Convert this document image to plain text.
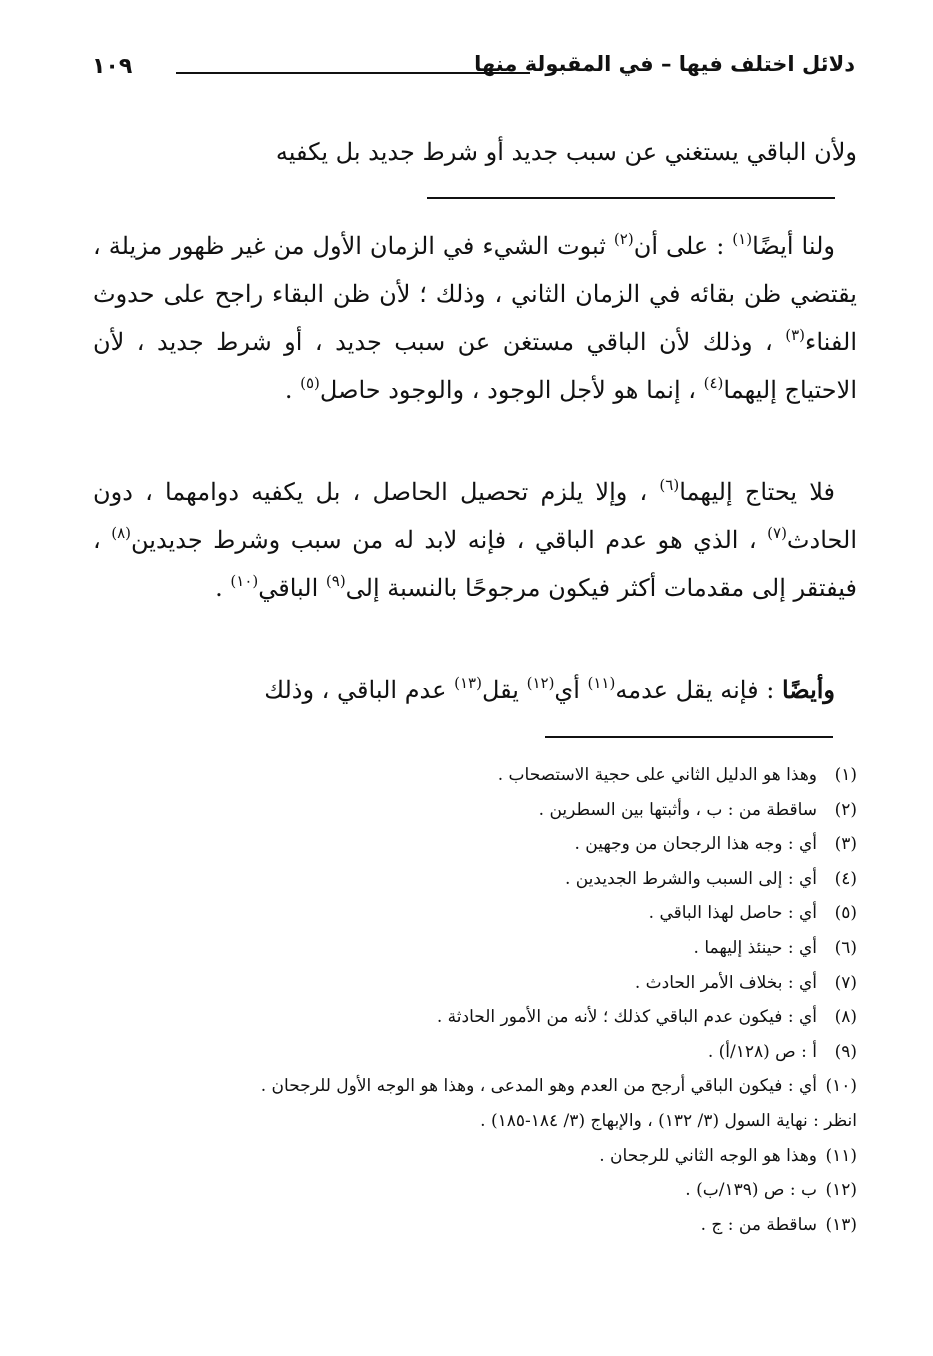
دلائل اختلف فيها – في المقبولة منها
١٠٩
ولأن الباقي يستغني عن سبب جديد أو شرط جديد بل يكفيه

ولنا أيضًا$^{(١)}$ : على أن$^{(٢)}$ ثبوت الشيء في الزمان الأول من غير ظهور مزيلة ، يقتضي ظن بقائه في الزمان الثاني ، وذلك ؛ لأن ظن البقاء راجح على حدوث الفناء$^{(٣)}$ ، وذلك لأن الباقي مستغن عن سبب جديد ، أو شرط جديد ، لأن الاحتياج إليهما$^{(٤)}$ ، إنما هو لأجل الوجود ، والوجود حاصل$^{(٥)}$ .

فلا يحتاج إليهما$^{(٦)}$ ، وإلا يلزم تحصيل الحاصل ، بل يكفيه دوامهما ، دون الحادث$^{(٧)}$ ، الذي هو عدم الباقي ، فإنه لابد له من سبب وشرط جديدين$^{(٨)}$ ، فيفتقر إلى مقدمات أكثر فيكون مرجوحًا بالنسبة إلى$^{(٩)}$ الباقي$^{(١٠)}$ .

وأيضًا : فإنه يقل عدمه$^{(١١)}$ أي$^{(١٢)}$ يقل$^{(١٣)}$ عدم الباقي ، وذلك

(١)وهذا هو الدليل الثاني على حجية الاستصحاب .
(٢)ساقطة من : ب ، وأثبتها بين السطرين .
(٣)أي : وجه هذا الرجحان من وجهين .
(٤)أي : إلى السبب والشرط الجديدين .
(٥)أي : حاصل لهذا الباقي .
(٦)أي : حينئذ إليهما .
(٧)أي : بخلاف الأمر الحادث .
(٨)أي : فيكون عدم الباقي كذلك ؛ لأنه من الأمور الحادثة .
(٩)أ : ص (١٢٨/أ) .
(١٠)أي : فيكون الباقي أرجح من العدم وهو المدعى ، وهذا هو الوجه الأول للرجحان .
انظر : نهاية السول (٣/ ١٣٢) ، والإبهاج (٣/ ١٨٤-١٨٥) .
(١١)وهذا هو الوجه الثاني للرجحان .
(١٢)ب : ص (١٣٩/ب) .
(١٣)ساقطة من : ج .
